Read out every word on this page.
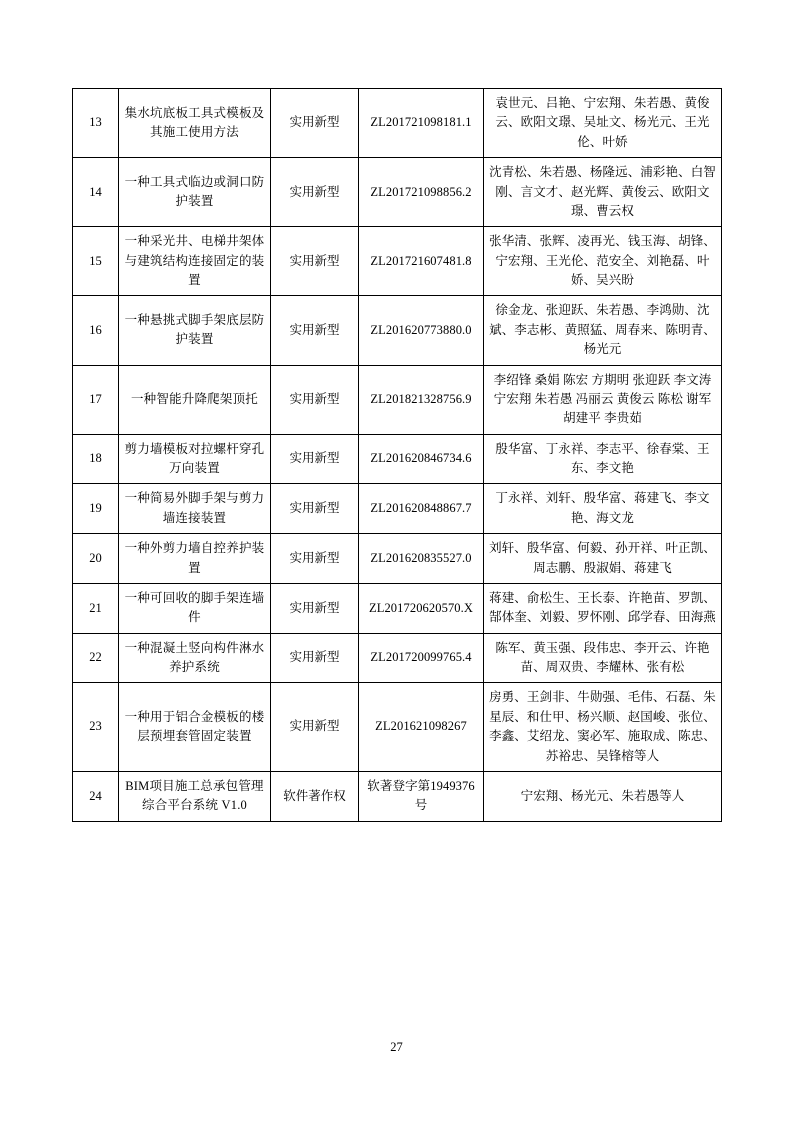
13	集水坑底板工具式模板及其施工使用方法	实用新型	ZL201721098181.1	袁世元、吕艳、宁宏翔、朱若愚、黄俊云、欧阳文璟、吴址文、杨光元、王光伦、叶娇
14	一种工具式临边或洞口防护装置	实用新型	ZL201721098856.2	沈青松、朱若愚、杨隆远、浦彩艳、白智刚、言文才、赵光辉、黄俊云、欧阳文璟、曹云权
15	一种采光井、电梯井架体与建筑结构连接固定的装置	实用新型	ZL201721607481.8	张华清、张辉、凌再光、钱玉海、胡锋、宁宏翔、王光伦、范安全、刘艳磊、叶娇、吴兴盼
16	一种悬挑式脚手架底层防护装置	实用新型	ZL201620773880.0	徐金龙、张迎跃、朱若愚、李鸿勋、沈斌、李志彬、黄照猛、周春来、陈明青、杨光元
17	一种智能升降爬架顶托	实用新型	ZL201821328756.9	李绍锋 桑娟 陈宏 方期明 张迎跃 李文涛 宁宏翔 朱若愚 冯丽云 黄俊云 陈松 谢军 胡建平 李贵茹
18	剪力墙模板对拉螺杆穿孔万向装置	实用新型	ZL201620846734.6	殷华富、丁永祥、李志平、徐春棠、王东、李文艳
19	一种简易外脚手架与剪力墙连接装置	实用新型	ZL201620848867.7	丁永祥、刘轩、殷华富、蒋建飞、李文艳、海文龙
20	一种外剪力墙自控养护装置	实用新型	ZL201620835527.0	刘轩、殷华富、何毅、孙开祥、叶正凯、周志鹏、殷淑娟、蒋建飞
21	一种可回收的脚手架连墙件	实用新型	ZL201720620570.X	蒋建、俞松生、王长泰、许艳苗、罗凯、郜体奎、刘毅、罗怀刚、邱学春、田海燕
22	一种混凝土竖向构件淋水养护系统	实用新型	ZL201720099765.4	陈军、黄玉强、段伟忠、李开云、许艳苗、周双贵、李耀林、张有松
23	一种用于铝合金模板的楼层预埋套管固定装置	实用新型	ZL201621098267	房勇、王剑非、牛勋强、毛伟、石磊、朱星辰、和仕甲、杨兴顺、赵国峻、张位、李鑫、艾绍龙、窦必军、施取成、陈忠、苏裕忠、吴锋榕等人
24	BIM项目施工总承包管理综合平台系统 V1.0	软件著作权	软著登字第1949376号	宁宏翔、杨光元、朱若愚等人
27
